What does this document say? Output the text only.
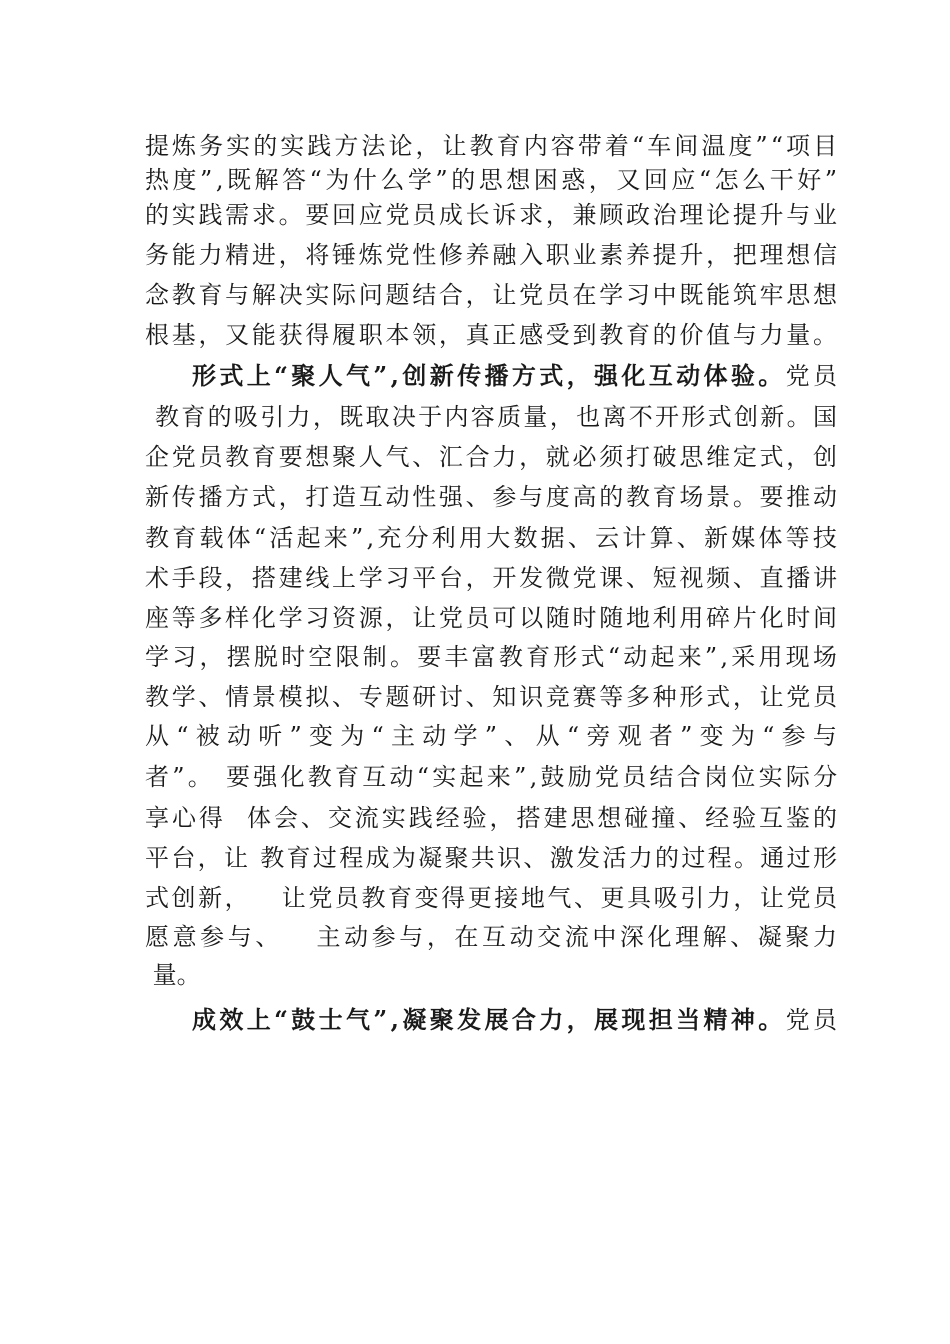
提炼务实的实践方法论，让教育内容带着“车间温度”“项目
热度”,既解答“为什么学”的思想困惑，又回应“怎么干好”
的实践需求。要回应党员成长诉求，兼顾政治理论提升与业
务能力精进，将锤炼党性修养融入职业素养提升，把理想信
念教育与解决实际问题结合，让党员在学习中既能筑牢思想
根基，又能获得履职本领，真正感受到教育的价值与力量。
形式上“聚人气”,创新传播方式，强化互动体验。党员
教育的吸引力，既取决于内容质量，也离不开形式创新。国
企党员教育要想聚人气、汇合力，就必须打破思维定式，创
新传播方式，打造互动性强、参与度高的教育场景。要推动
教育载体“活起来”,充分利用大数据、云计算、新媒体等技
术手段，搭建线上学习平台，开发微党课、短视频、直播讲
座等多样化学习资源，让党员可以随时随地利用碎片化时间
学习，摆脱时空限制。要丰富教育形式“动起来”,采用现场
教学、情景模拟、专题研讨、知识竞赛等多种形式，让党员
从“被动听”变为“主动学”、从“旁观者”变为“参与
者”。 要强化教育互动“实起来”,鼓励党员结合岗位实际分
享心得  体会、交流实践经验，搭建思想碰撞、经验互鉴的
平台，让 教育过程成为凝聚共识、激发活力的过程。通过形
式创新，   让党员教育变得更接地气、更具吸引力，让党员
愿意参与、   主动参与，在互动交流中深化理解、凝聚力
量。
成效上“鼓士气”,凝聚发展合力，展现担当精神。党员
